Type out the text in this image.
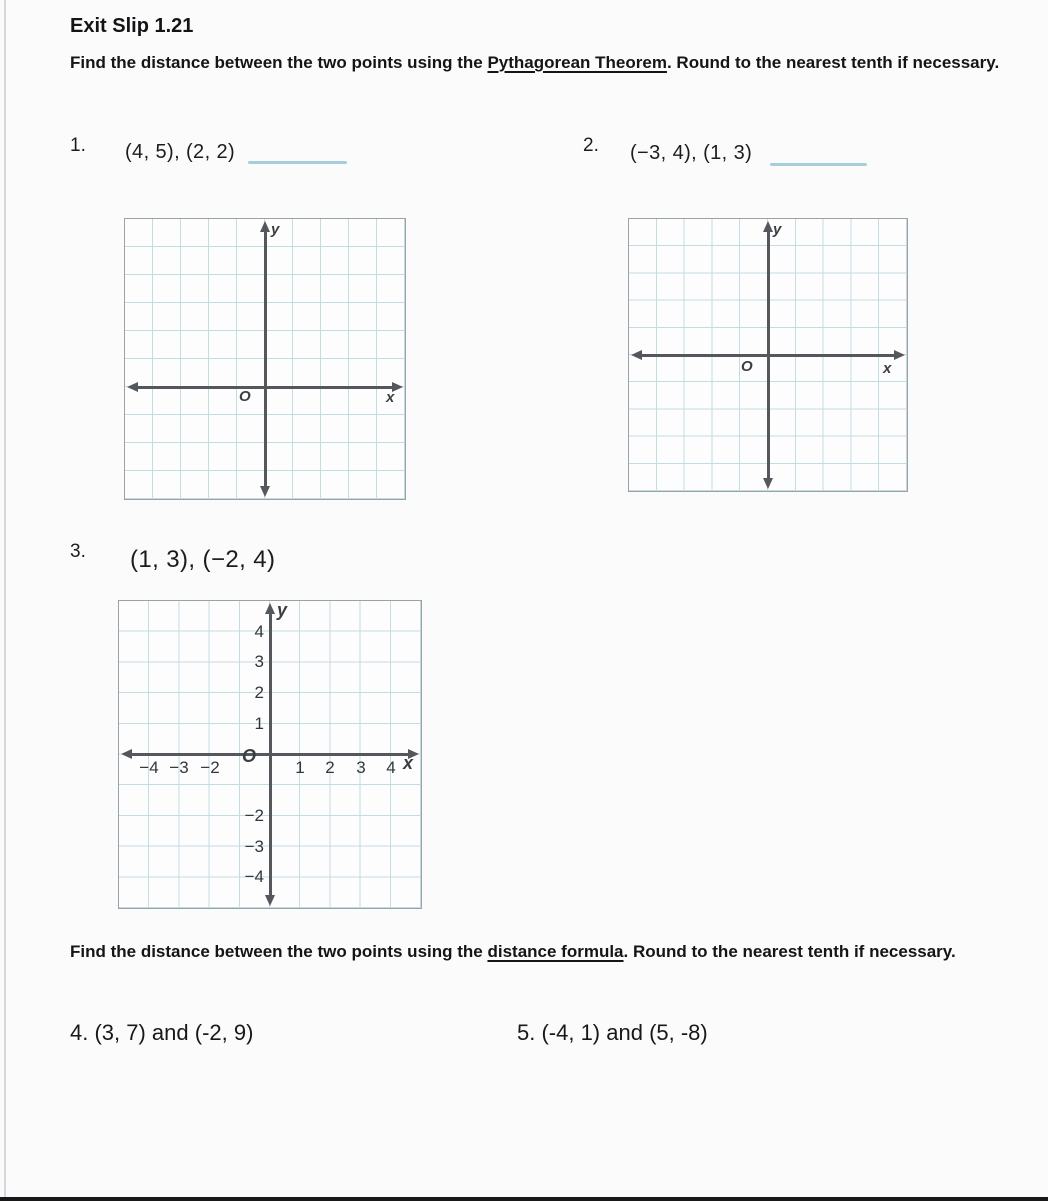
Exit Slip 1.21

Find the distance between the two points using the Pythagorean Theorem. Round to the nearest tenth if necessary.

1. (4, 5), (2, 2)	2. (−3, 4), (1, 3)
y
x
O
y
x
O
3. (1, 3), (−2, 4)
y
x
O
−4 −3 −2	1	2	3	4
4
3
2
1
−2
−3
−4

Find the distance between the two points using the distance formula. Round to the nearest tenth if necessary.

4. (3, 7) and (-2, 9)	5. (-4, 1) and (5, -8)
